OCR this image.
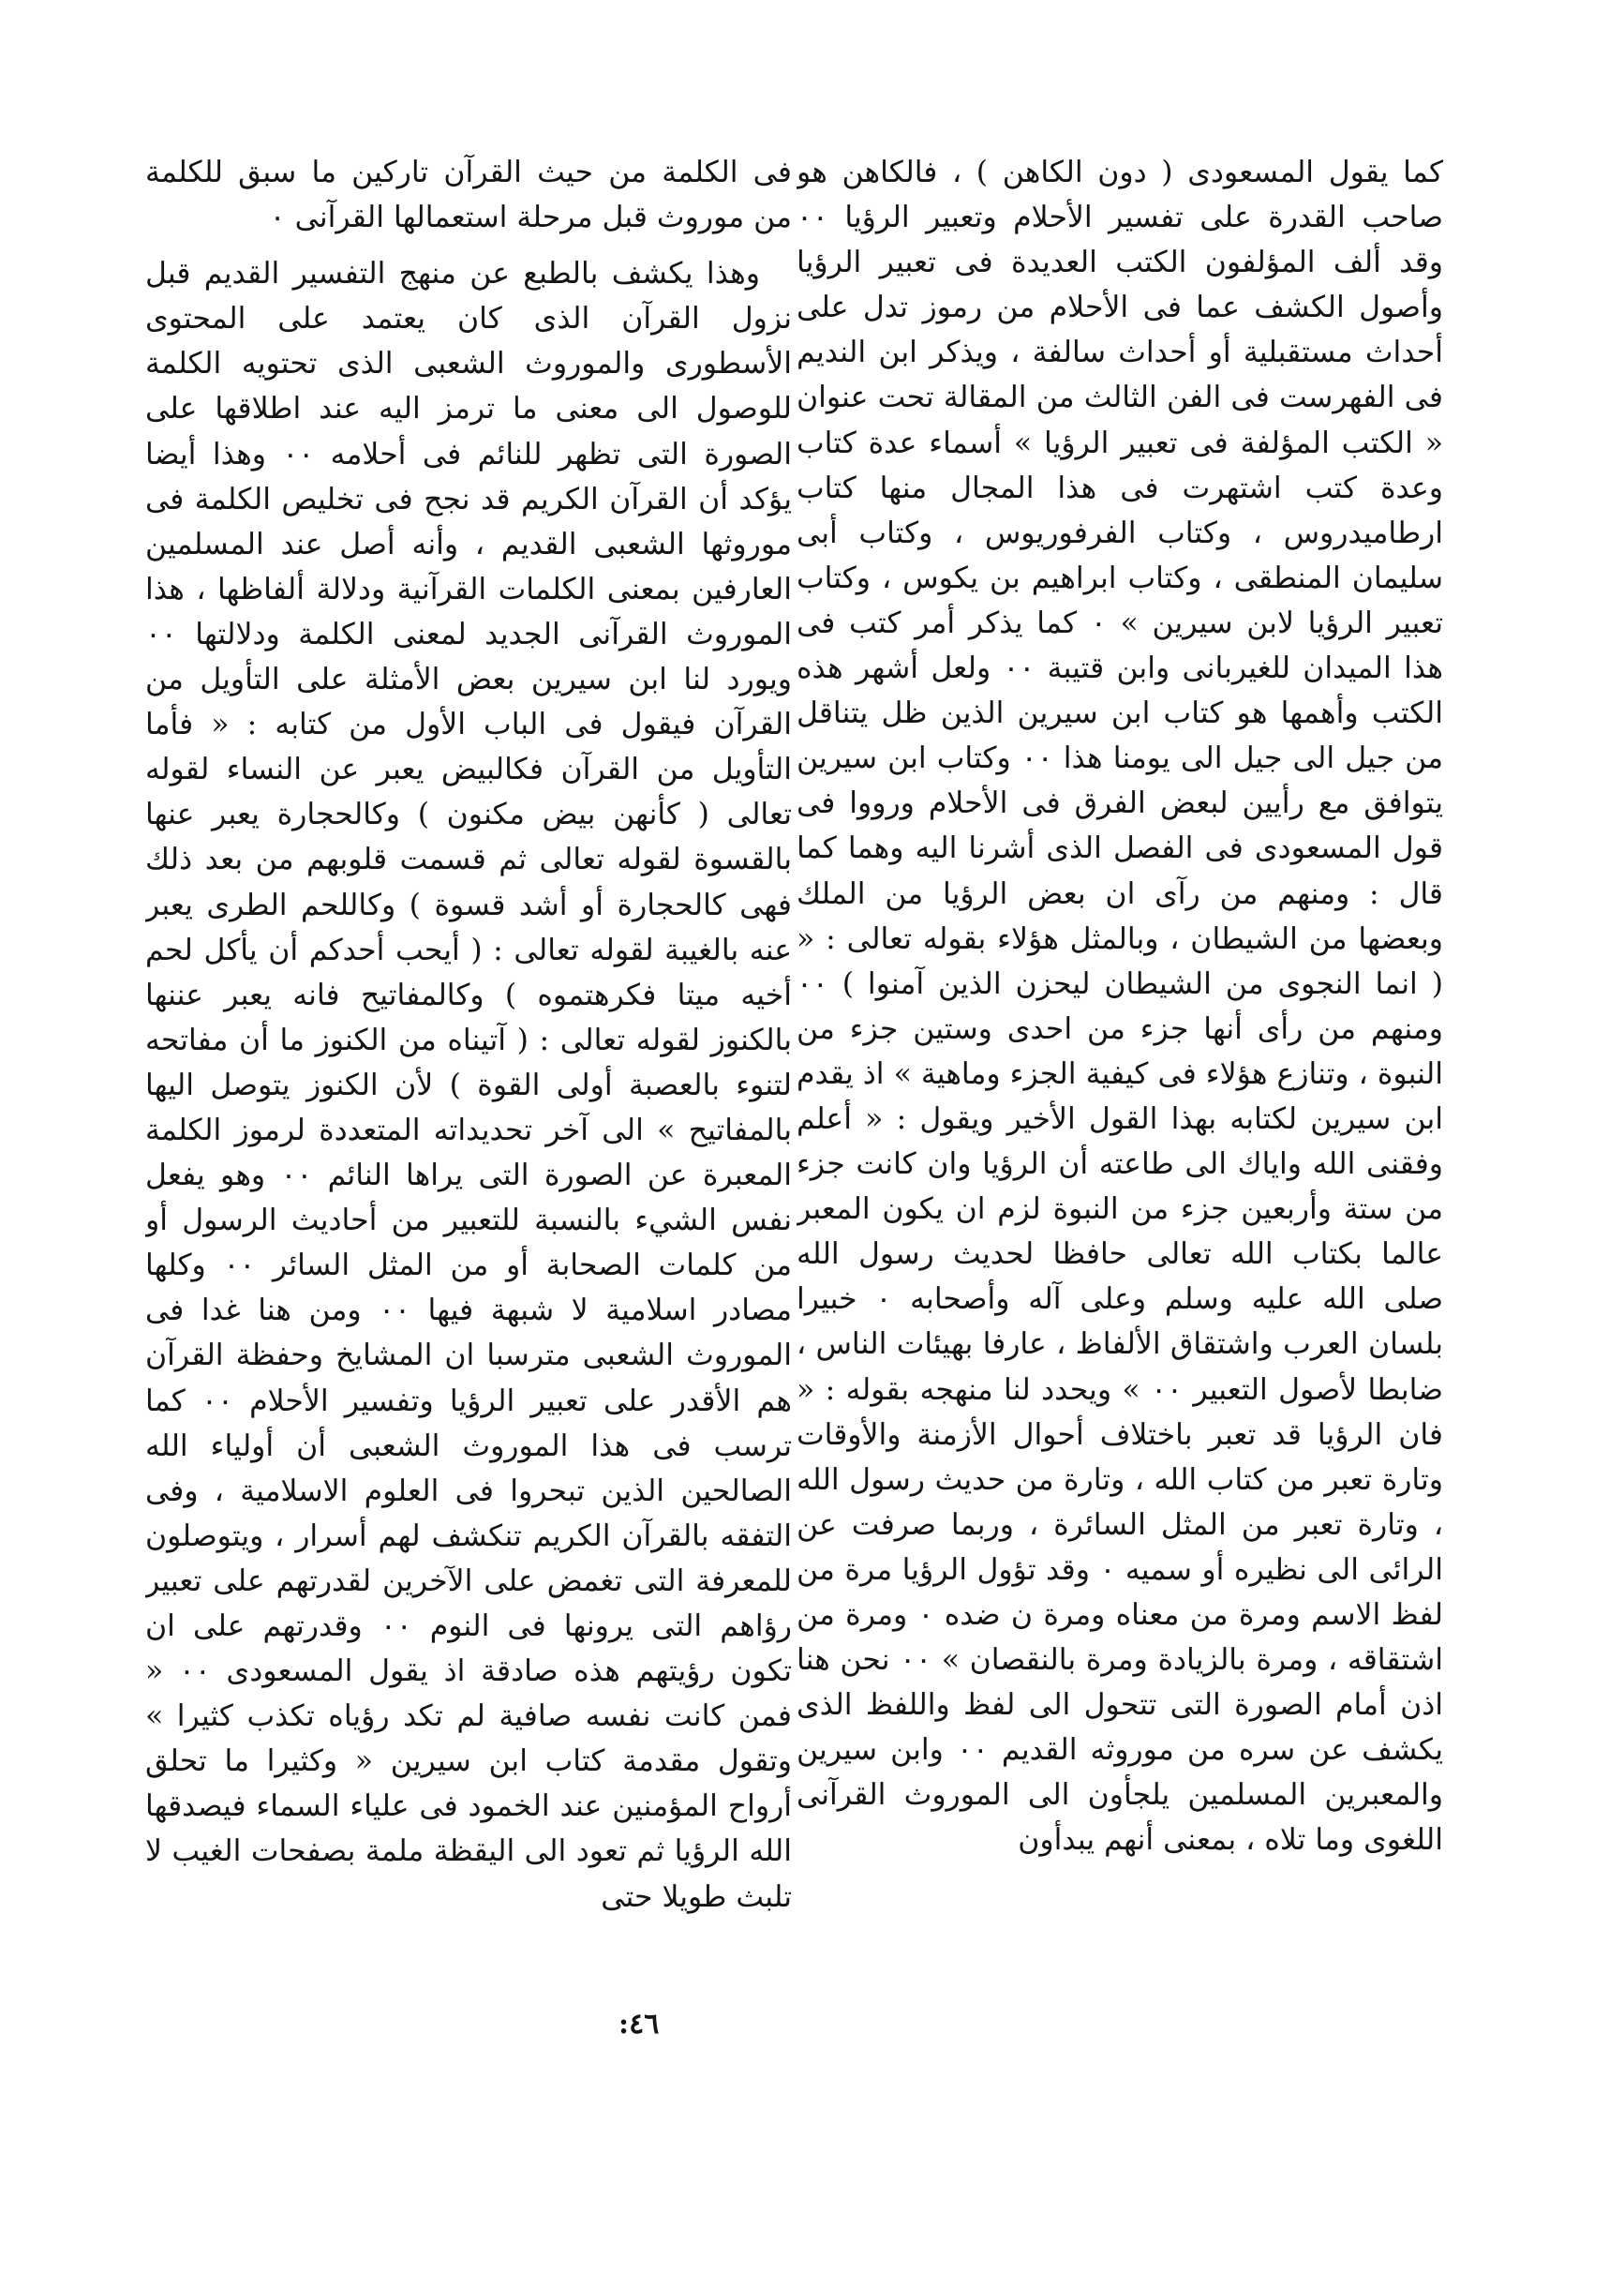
كما يقول المسعودى ( دون الكاهن ) ، فالكاهن هو صاحب القدرة على تفسير الأحلام وتعبير الرؤيا ٠٠ وقد ألف المؤلفون الكتب العديدة فى تعبير الرؤيا وأصول الكشف عما فى الأحلام من رموز تدل على أحداث مستقبلية أو أحداث سالفة ، ويذكر ابن النديم فى الفهرست فى الفن الثالث من المقالة تحت عنوان « الكتب المؤلفة فى تعبير الرؤيا » أسماء عدة كتاب وعدة كتب اشتهرت فى هذا المجال منها كتاب ارطاميدروس ، وكتاب الفرفوريوس ، وكتاب أبى سليمان المنطقى ، وكتاب ابراهيم بن يكوس ، وكتاب تعبير الرؤيا لابن سيرين » ٠ كما يذكر أمر كتب فى هذا الميدان للغيربانى وابن قتيبة ٠٠ ولعل أشهر هذه الكتب وأهمها هو كتاب ابن سيرين الذين ظل يتناقل من جيل الى جيل الى يومنا هذا ٠٠ وكتاب ابن سيرين يتوافق مع رأيين لبعض الفرق فى الأحلام ورووا فى قول المسعودى فى الفصل الذى أشرنا اليه وهما كما قال : ومنهم من رآى ان بعض الرؤيا من الملك وبعضها من الشيطان ، وبالمثل هؤلاء بقوله تعالى : « ( انما النجوى من الشيطان ليحزن الذين آمنوا ) ٠٠ ومنهم من رأى أنها جزء من احدى وستين جزء من النبوة ، وتنازع هؤلاء فى كيفية الجزء وماهية » اذ يقدم ابن سيرين لكتابه بهذا القول الأخير ويقول : « أعلم وفقنى الله واياك الى طاعته أن الرؤيا وان كانت جزء من ستة وأربعين جزء من النبوة لزم ان يكون المعبر عالما بكتاب الله تعالى حافظا لحديث رسول الله صلى الله عليه وسلم وعلى آله وأصحابه ٠ خبيرا بلسان العرب واشتقاق الألفاظ ، عارفا بهيئات الناس ، ضابطا لأصول التعبير ٠٠ » ويحدد لنا منهجه بقوله : « فان الرؤيا قد تعبر باختلاف أحوال الأزمنة والأوقات وتارة تعبر من كتاب الله ، وتارة من حديث رسول الله ، وتارة تعبر من المثل السائرة ، وربما صرفت عن الرائى الى نظيره أو سميه ٠ وقد تؤول الرؤيا مرة من لفظ الاسم ومرة من معناه ومرة ن ضده ٠ ومرة من اشتقاقه ، ومرة بالزيادة ومرة بالنقصان » ٠٠ نحن هنا اذن أمام الصورة التى تتحول الى لفظ واللفظ الذى يكشف عن سره من موروثه القديم ٠٠ وابن سيرين والمعبرين المسلمين يلجأون الى الموروث القرآنى اللغوى وما تلاه ، بمعنى أنهم يبدأون

فى الكلمة من حيث القرآن تاركين ما سبق للكلمة من موروث قبل مرحلة استعمالها القرآنى ٠

وهذا يكشف بالطبع عن منهج التفسير القديم قبل نزول القرآن الذى كان يعتمد على المحتوى الأسطورى والموروث الشعبى الذى تحتويه الكلمة للوصول الى معنى ما ترمز اليه عند اطلاقها على الصورة التى تظهر للنائم فى أحلامه ٠٠ وهذا أيضا يؤكد أن القرآن الكريم قد نجح فى تخليص الكلمة فى موروثها الشعبى القديم ، وأنه أصل عند المسلمين العارفين بمعنى الكلمات القرآنية ودلالة ألفاظها ، هذا الموروث القرآنى الجديد لمعنى الكلمة ودلالتها ٠٠ ويورد لنا ابن سيرين بعض الأمثلة على التأويل من القرآن فيقول فى الباب الأول من كتابه : « فأما التأويل من القرآن فكالبيض يعبر عن النساء لقوله تعالى ( كأنهن بيض مكنون ) وكالحجارة يعبر عنها بالقسوة لقوله تعالى ثم قسمت قلوبهم من بعد ذلك فهى كالحجارة أو أشد قسوة ) وكاللحم الطرى يعبر عنه بالغيبة لقوله تعالى : ( أيحب أحدكم أن يأكل لحم أخيه ميتا فكرهتموه ) وكالمفاتيح فانه يعبر عننها بالكنوز لقوله تعالى : ( آتيناه من الكنوز ما أن مفاتحه لتنوء بالعصبة أولى القوة ) لأن الكنوز يتوصل اليها بالمفاتيح » الى آخر تحديداته المتعددة لرموز الكلمة المعبرة عن الصورة التى يراها النائم ٠٠ وهو يفعل نفس الشيء بالنسبة للتعبير من أحاديث الرسول أو من كلمات الصحابة أو من المثل السائر ٠٠ وكلها مصادر اسلامية لا شبهة فيها ٠٠ ومن هنا غدا فى الموروث الشعبى مترسبا ان المشايخ وحفظة القرآن هم الأقدر على تعبير الرؤيا وتفسير الأحلام ٠٠ كما ترسب فى هذا الموروث الشعبى أن أولياء الله الصالحين الذين تبحروا فى العلوم الاسلامية ، وفى التفقه بالقرآن الكريم تنكشف لهم أسرار ، ويتوصلون للمعرفة التى تغمض على الآخرين لقدرتهم على تعبير رؤاهم التى يرونها فى النوم ٠٠ وقدرتهم على ان تكون رؤيتهم هذه صادقة اذ يقول المسعودى ٠٠ « فمن كانت نفسه صافية لم تكد رؤياه تكذب كثيرا » وتقول مقدمة كتاب ابن سيرين « وكثيرا ما تحلق أرواح المؤمنين عند الخمود فى علياء السماء فيصدقها الله الرؤيا ثم تعود الى اليقظة ملمة بصفحات الغيب لا تلبث طويلا حتى

٤٦:
